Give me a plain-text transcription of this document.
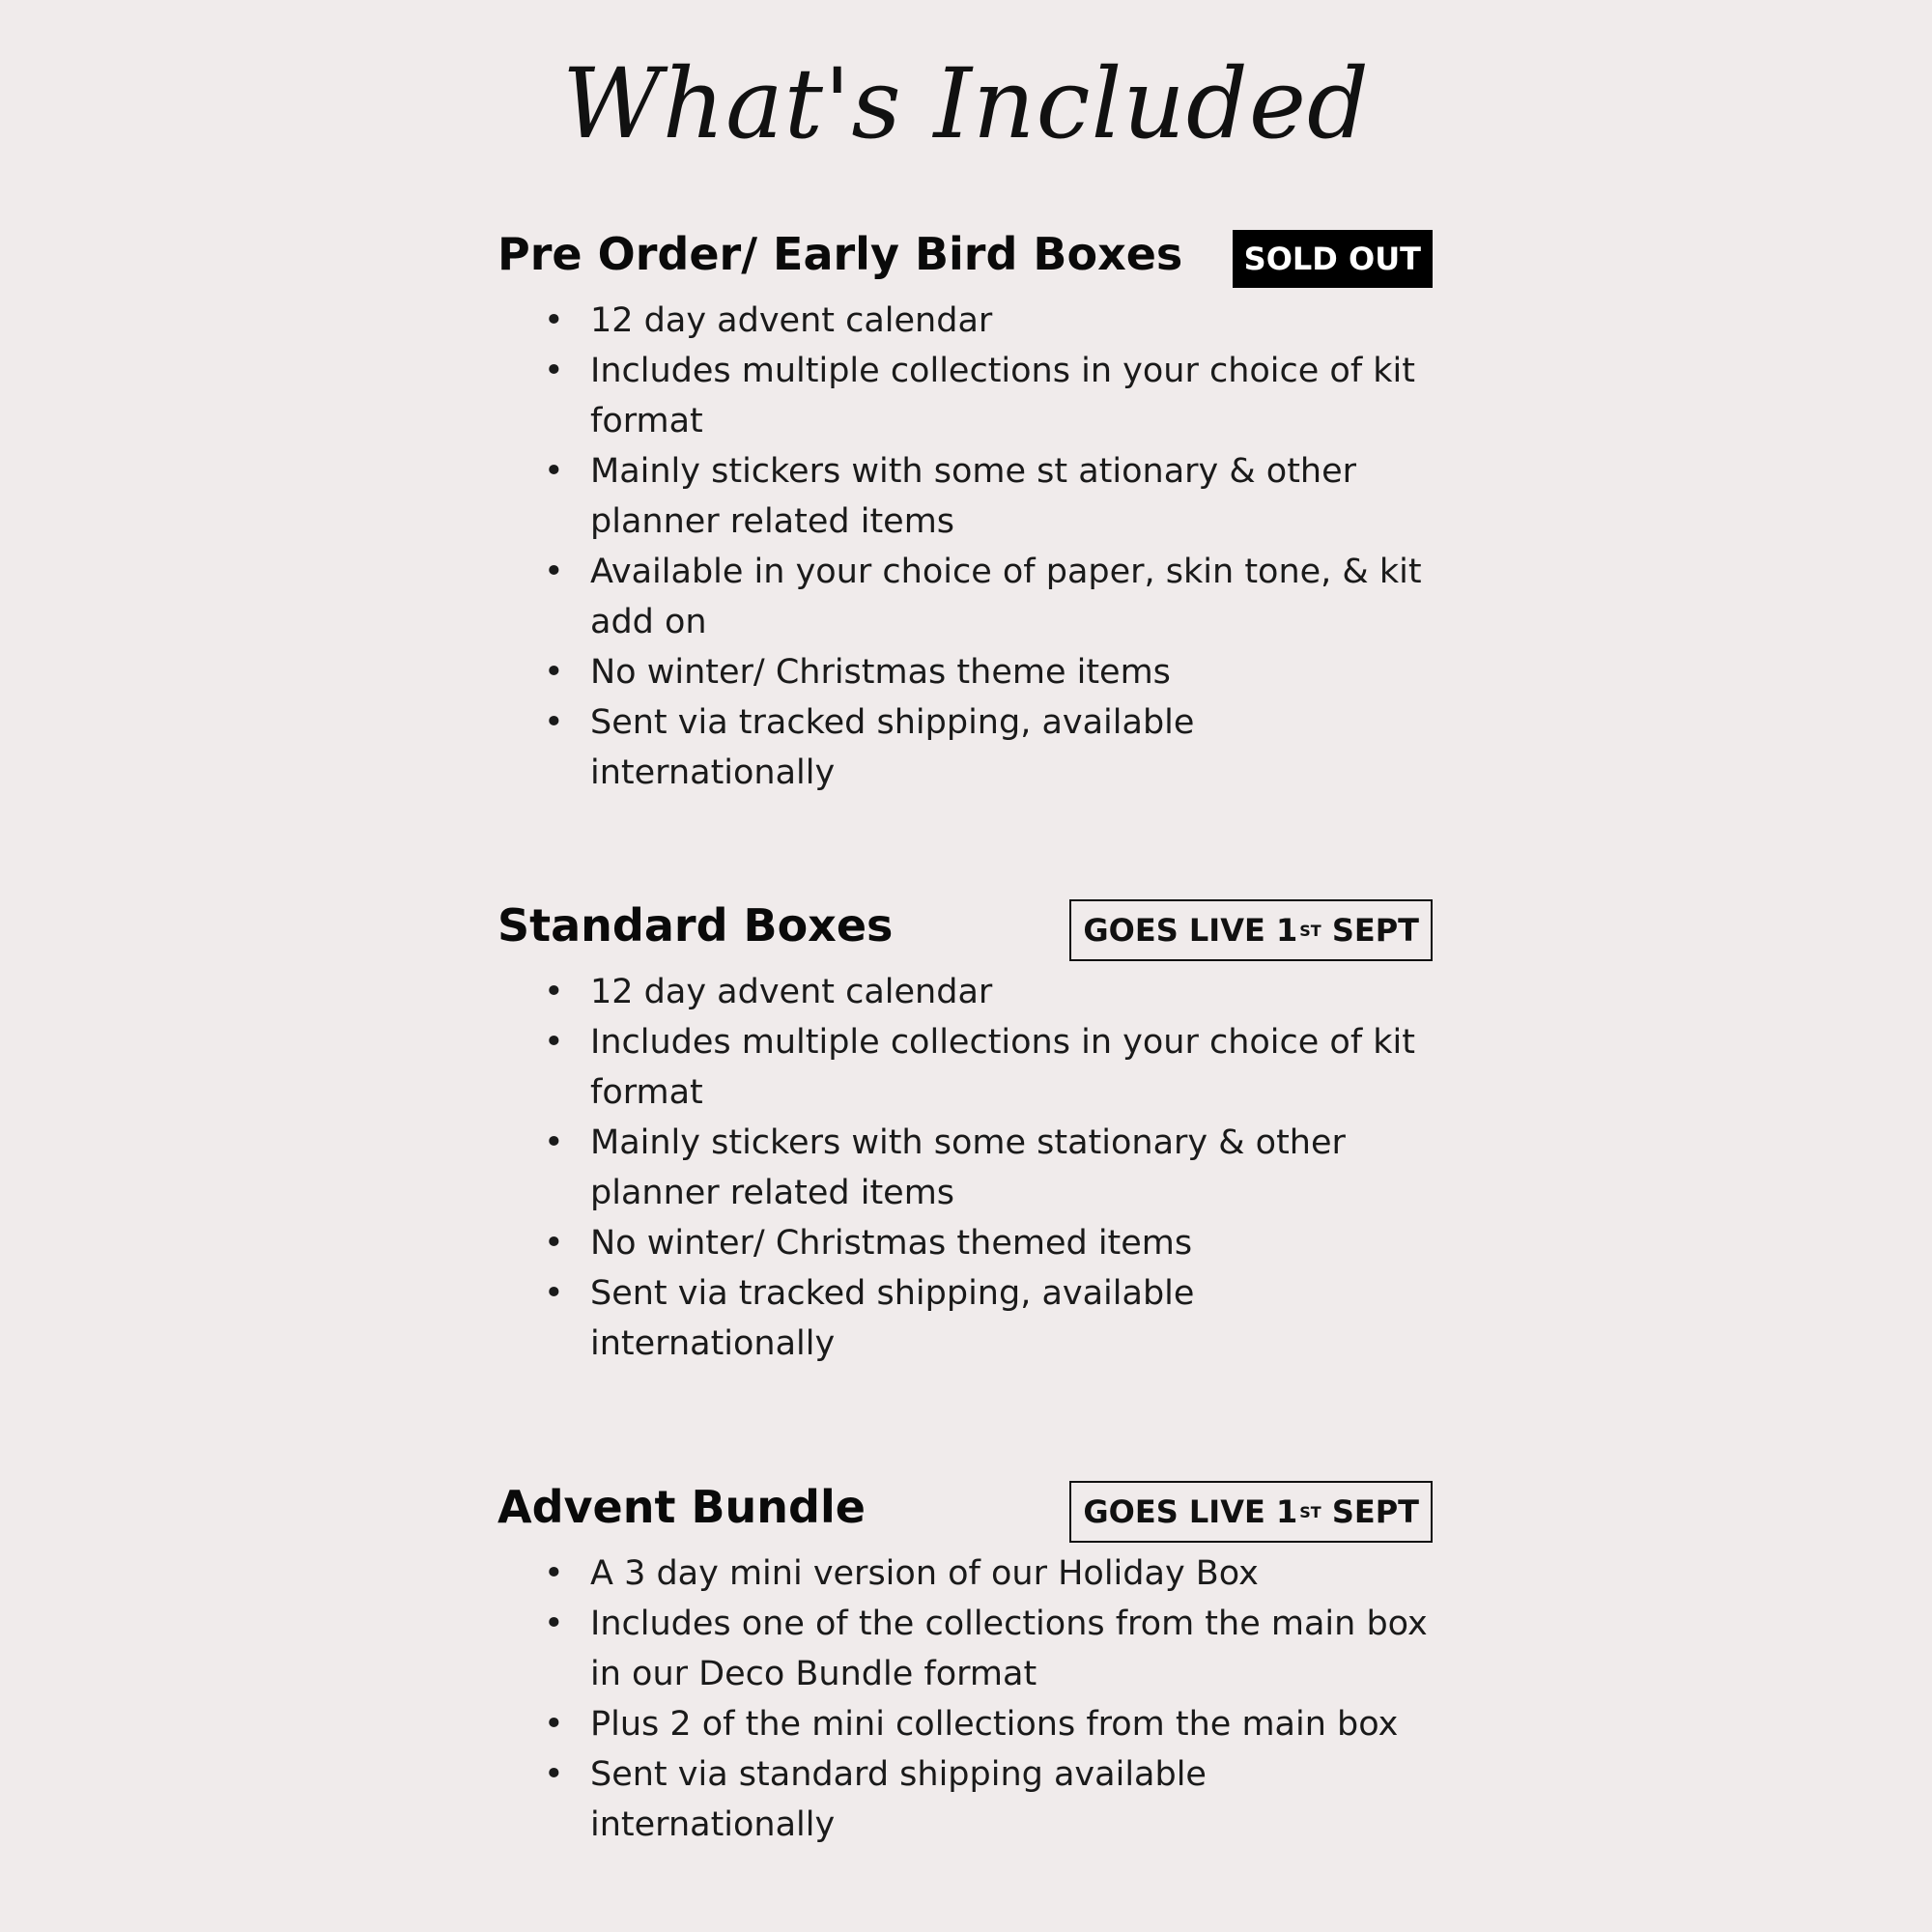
What's Included
Pre Order/ Early Bird Boxes SOLD OUT
• 12 day advent calendar
• Includes multiple collections in your choice of kit format
• Mainly stickers with some st ationary & other planner related items
• Available in your choice of paper, skin tone, & kit add on
• No winter/ Christmas theme items
• Sent via tracked shipping, available internationally
Standard Boxes	GOES LIVE 1 ST SEPT
• 12 day advent calendar
• Includes multiple collections in your choice of kit format
• Mainly stickers with some stationary & other planner related items
• No winter/ Christmas themed items
• Sent via tracked shipping, available internationally
Advent Bundle	GOES LIVE 1 ST SEPT
• A 3 day mini version of our Holiday Box
• Includes one of the collections from the main box in our Deco Bundle format
• Plus 2 of the mini collections from the main box
• Sent via standard shipping available internationally
